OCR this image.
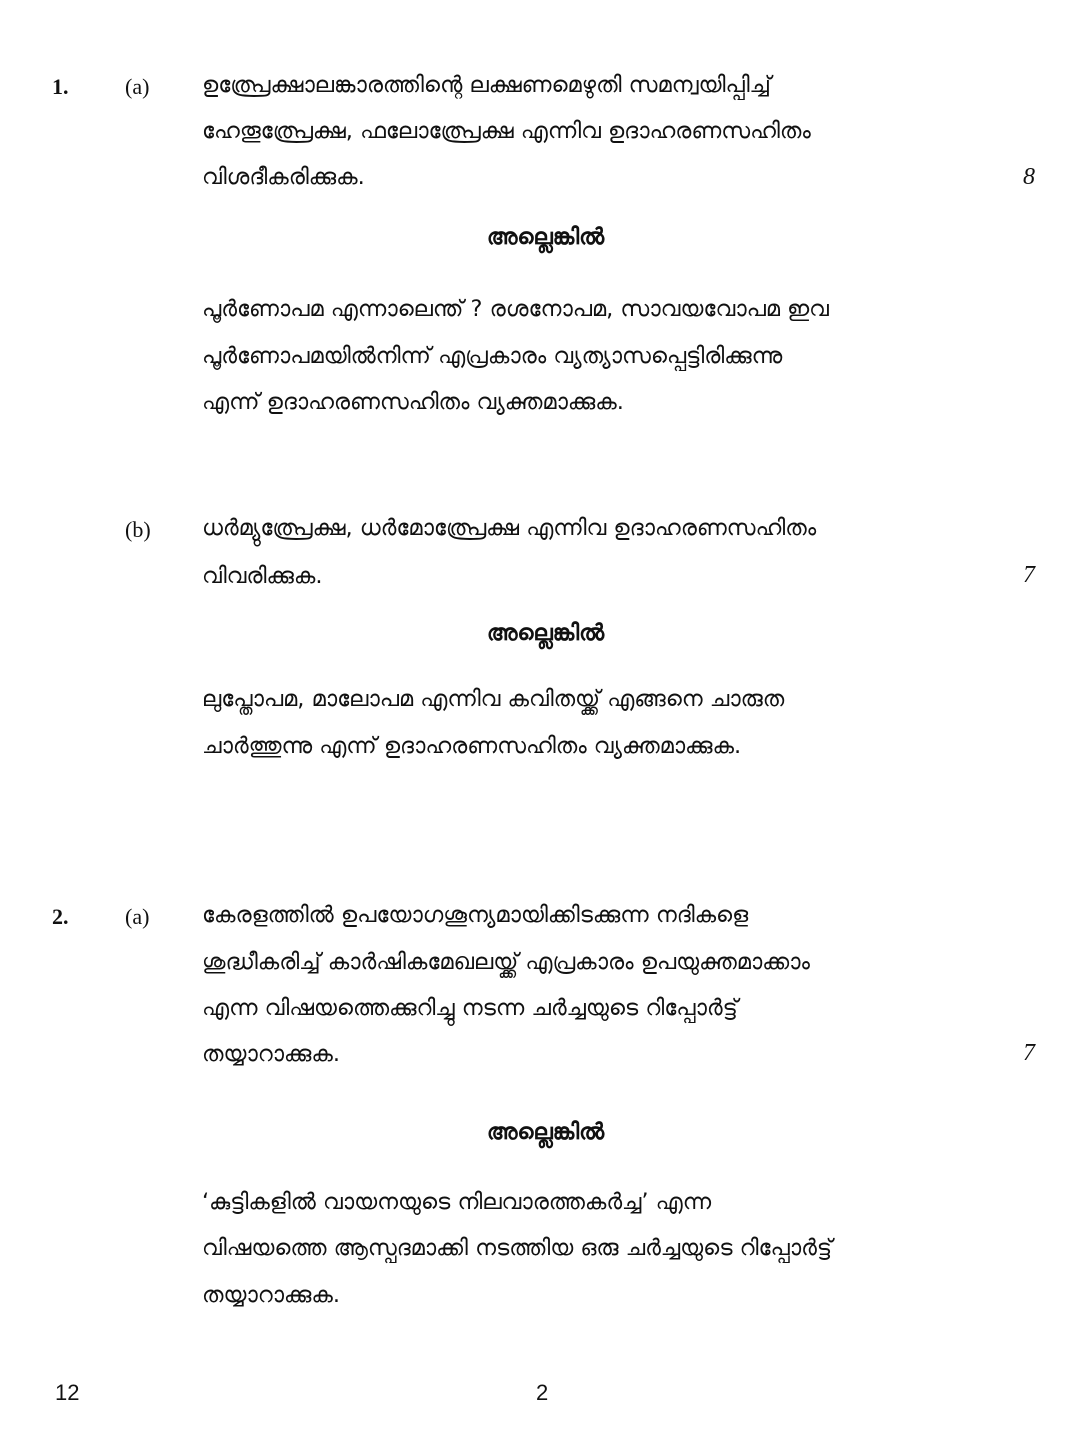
1.	(a) ഉത്പ്രേക്ഷാലങ്കാരത്തിന്റെ ലക്ഷണമെഴുതി സമന്വയിപ്പിച്ച്
ഹേതൂത്പ്രേക്ഷ, ഫലോത്പ്രേക്ഷ എന്നിവ ഉദാഹരണസഹിതം
വിശദീകരിക്കുക.	8
അല്ലെങ്കിൽ
പൂർണോപമ എന്നാലെന്ത് ? രശനോപമ, സാവയവോപമ ഇവ
പൂർണോപമയിൽനിന്ന് എപ്രകാരം വ്യത്യാസപ്പെട്ടിരിക്കുന്നു
എന്ന് ഉദാഹരണസഹിതം വ്യക്തമാക്കുക.
(b) ധർമ്യുത്പ്രേക്ഷ, ധർമോത്പ്രേക്ഷ എന്നിവ ഉദാഹരണസഹിതം
വിവരിക്കുക.	7
അല്ലെങ്കിൽ
ലുപ്തോപമ, മാലോപമ എന്നിവ കവിതയ്ക്ക് എങ്ങനെ ചാരുത
ചാർത്തുന്നു എന്ന് ഉദാഹരണസഹിതം വ്യക്തമാക്കുക.
2.	(a) കേരളത്തിൽ ഉപയോഗശൂന്യമായിക്കിടക്കുന്ന നദികളെ
ശുദ്ധീകരിച്ച് കാർഷികമേഖലയ്ക്ക് എപ്രകാരം ഉപയുക്തമാക്കാം
എന്ന വിഷയത്തെക്കുറിച്ചു നടന്ന ചർച്ചയുടെ റിപ്പോർട്ട്
തയ്യാറാക്കുക.	7
അല്ലെങ്കിൽ
‘കുട്ടികളിൽ വായനയുടെ നിലവാരത്തകർച്ച’ എന്ന
വിഷയത്തെ ആസ്പദമാക്കി നടത്തിയ ഒരു ചർച്ചയുടെ റിപ്പോർട്ട്
തയ്യാറാക്കുക.
12	2
